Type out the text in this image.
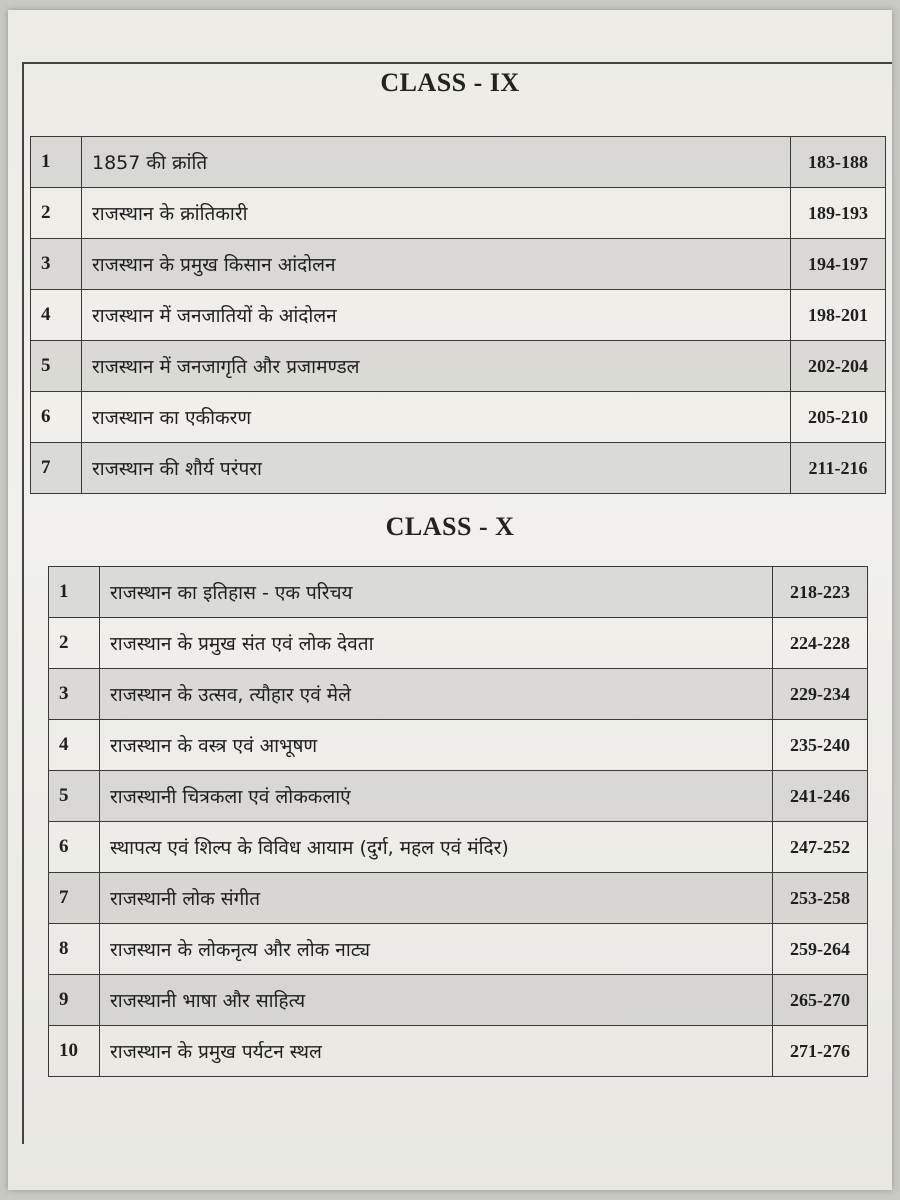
CLASS - IX
1	1857 की क्रांति	183-188
2	राजस्थान के क्रांतिकारी	189-193
3	राजस्थान के प्रमुख किसान आंदोलन	194-197
4	राजस्थान में जनजातियों के आंदोलन	198-201
5	राजस्थान में जनजागृति और प्रजामण्डल	202-204
6	राजस्थान का एकीकरण	205-210
7	राजस्थान की शौर्य परंपरा	211-216
CLASS - X
1	राजस्थान का इतिहास - एक परिचय	218-223
2	राजस्थान के प्रमुख संत एवं लोक देवता	224-228
3	राजस्थान के उत्सव, त्यौहार एवं मेले	229-234
4	राजस्थान के वस्त्र एवं आभूषण	235-240
5	राजस्थानी चित्रकला एवं लोककलाएं	241-246
6	स्थापत्य एवं शिल्प के विविध आयाम (दुर्ग, महल एवं मंदिर)	247-252
7	राजस्थानी लोक संगीत	253-258
8	राजस्थान के लोकनृत्य और लोक नाट्य	259-264
9	राजस्थानी भाषा और साहित्य	265-270
10	राजस्थान के प्रमुख पर्यटन स्थल	271-276
